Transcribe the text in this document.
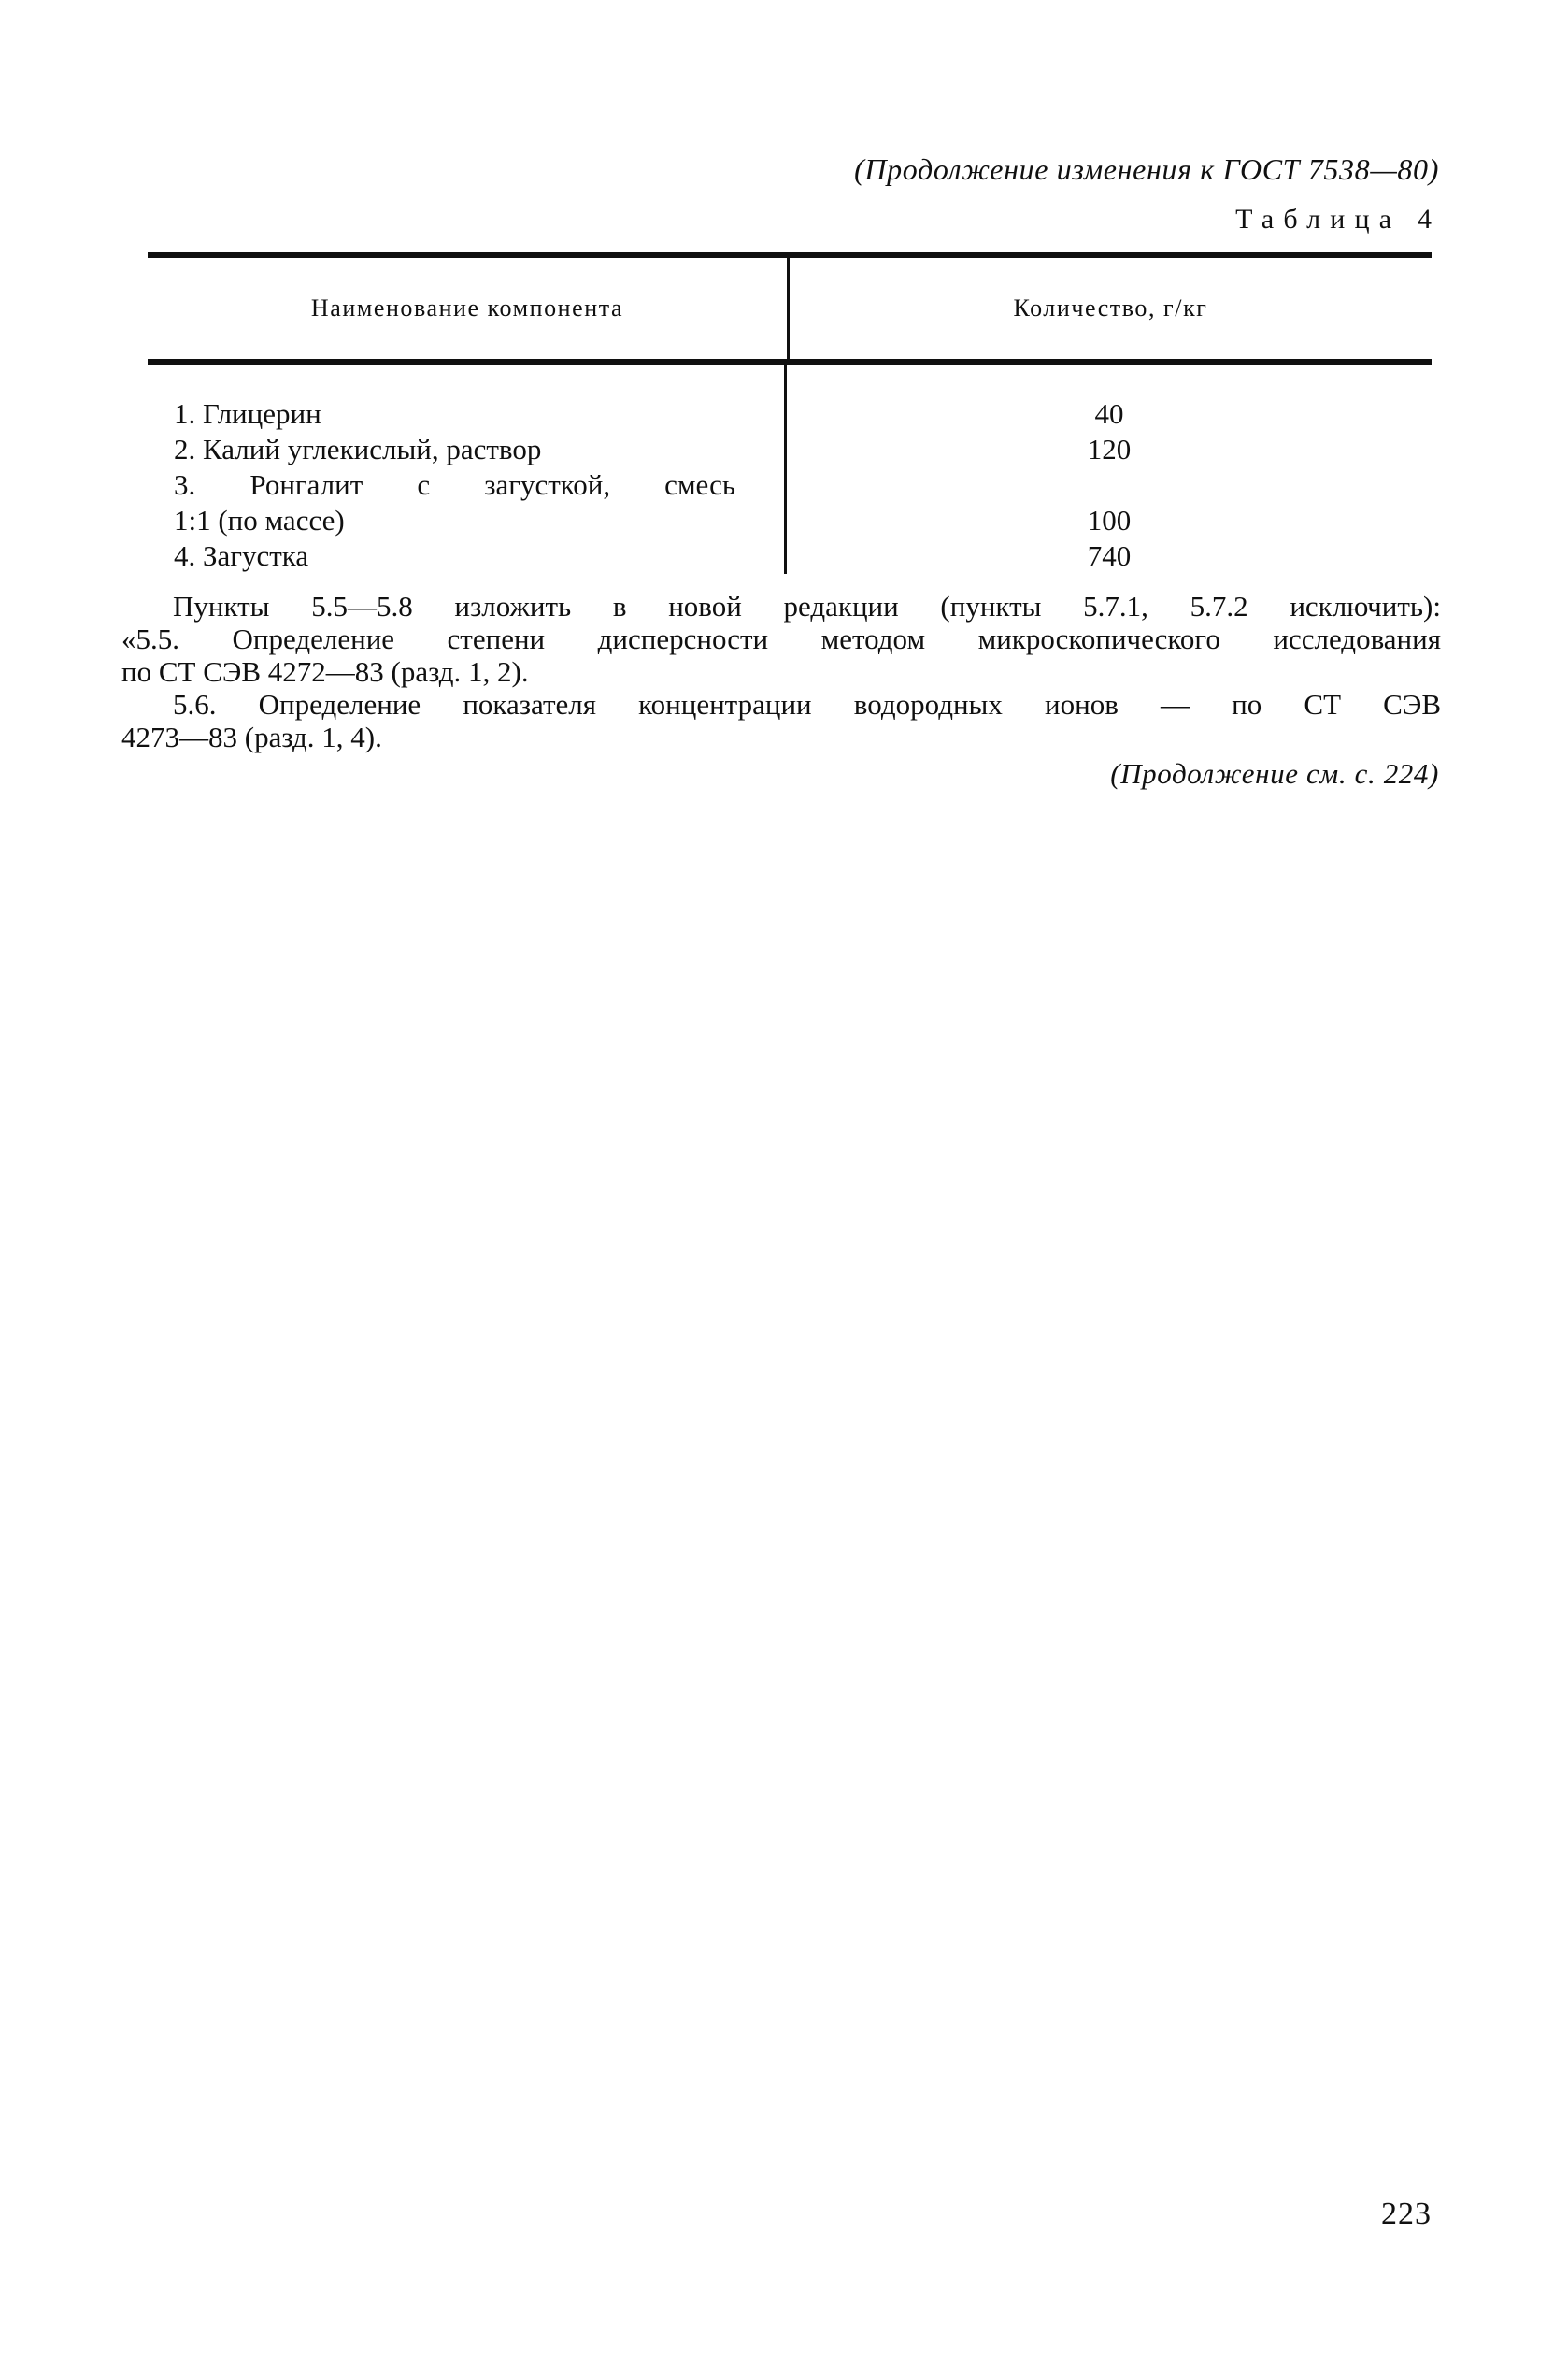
(Продолжение изменения к ГОСТ 7538—80)
Таблица 4
Наименование компонента	Количество, г/кг
1. Глицерин	40
2. Калий углекислый, раствор	120
3. Ронгалит с загусткой, смесь
1:1 (по массе)	100
4. Загустка	740
Пункты 5.5—5.8 изложить в новой редакции (пункты 5.7.1, 5.7.2 исключить):
«5.5. Определение степени дисперсности методом микроскопического исследования
по СТ СЭВ 4272—83 (разд. 1, 2).
5.6. Определение показателя концентрации водородных ионов — по СТ СЭВ
4273—83 (разд. 1, 4).
(Продолжение см. с. 224)
223
